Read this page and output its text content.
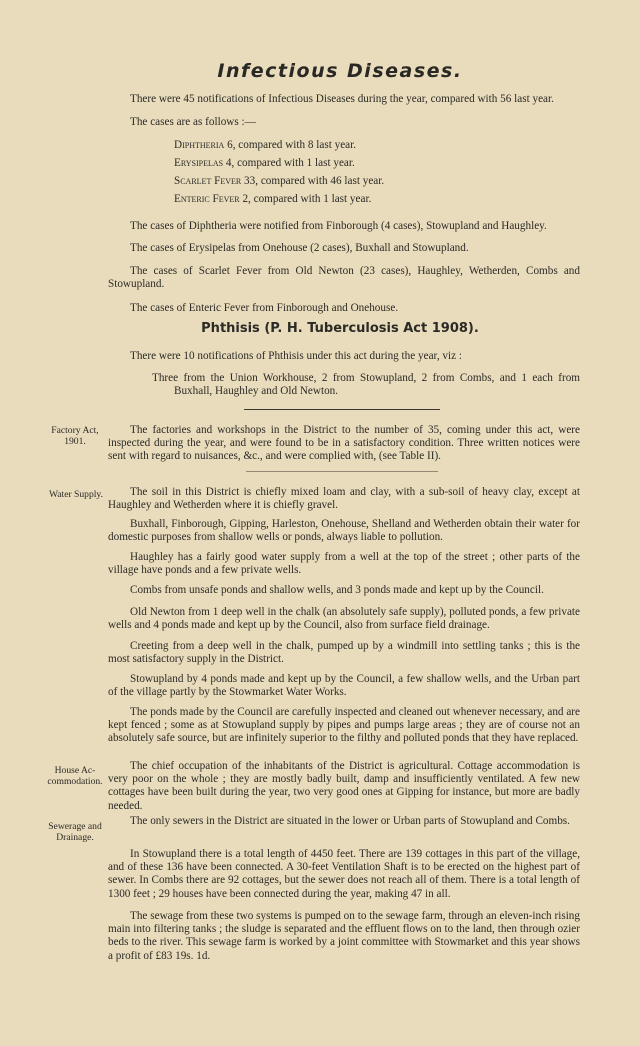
Infectious Diseases.
There were 45 notifications of Infectious Diseases during the year, compared with 56 last year.
The cases are as follows :—
Diphtheria 6, compared with 8 last year.
Erysipelas 4, compared with 1 last year.
Scarlet Fever 33, compared with 46 last year.
Enteric Fever 2, compared with 1 last year.
The cases of Diphtheria were notified from Finborough (4 cases), Stowupland and Haughley.
The cases of Erysipelas from Onehouse (2 cases), Buxhall and Stowupland.
The cases of Scarlet Fever from Old Newton (23 cases), Haughley, Wetherden, Combs and Stowupland.
The cases of Enteric Fever from Finborough and Onehouse.
Phthisis (P. H. Tuberculosis Act 1908).
There were 10 notifications of Phthisis under this act during the year, viz :
Three from the Union Workhouse, 2 from Stowupland, 2 from Combs, and 1 each from Buxhall, Haughley and Old Newton.
Factory Act, 1901.
The factories and workshops in the District to the number of 35, coming under this act, were inspected during the year, and were found to be in a satisfactory condition. Three written notices were sent with regard to nuisances, &c., and were complied with, (see Table II).
Water Supply.	The soil in this District is chiefly mixed loam and clay, with a sub-soil of heavy clay, except at Haughley and Wetherden where it is chiefly gravel.
Buxhall, Finborough, Gipping, Harleston, Onehouse, Shelland and Wetherden obtain their water for domestic purposes from shallow wells or ponds, always liable to pollution.
Haughley has a fairly good water supply from a well at the top of the street ; other parts of the village have ponds and a few private wells.
Combs from unsafe ponds and shallow wells, and 3 ponds made and kept up by the Council.
Old Newton from 1 deep well in the chalk (an absolutely safe supply), polluted ponds, a few private wells and 4 ponds made and kept up by the Council, also from surface field drainage.
Creeting from a deep well in the chalk, pumped up by a windmill into settling tanks ; this is the most satisfactory supply in the District.
Stowupland by 4 ponds made and kept up by the Council, a few shallow wells, and the Urban part of the village partly by the Stowmarket Water Works.
The ponds made by the Council are carefully inspected and cleaned out whenever necessary, and are kept fenced ; some as at Stowupland supply by pipes and pumps large areas ; they are of course not an absolutely safe source, but are infinitely superior to the filthy and polluted ponds that they have replaced.
House Ac- commodation.
The chief occupation of the inhabitants of the District is agricultural. Cottage accommodation is very poor on the whole ; they are mostly badly built, damp and insufficiently ventilated. A few new cottages have been built during the year, two very good ones at Gipping for instance, but more are badly needed.
Sewerage and Drainage.
The only sewers in the District are situated in the lower or Urban parts of Stowupland and Combs.
In Stowupland there is a total length of 4450 feet. There are 139 cottages in this part of the village, and of these 136 have been connected. A 30-feet Ventilation Shaft is to be erected on the highest part of sewer. In Combs there are 92 cottages, but the sewer does not reach all of them. There is a total length of 1300 feet ; 29 houses have been connected during the year, making 47 in all.
The sewage from these two systems is pumped on to the sewage farm, through an eleven-inch rising main into filtering tanks ; the sludge is separated and the effluent flows on to the land, then through ozier beds to the river. This sewage farm is worked by a joint committee with Stowmarket and this year shows a profit of £83 19s. 1d.
